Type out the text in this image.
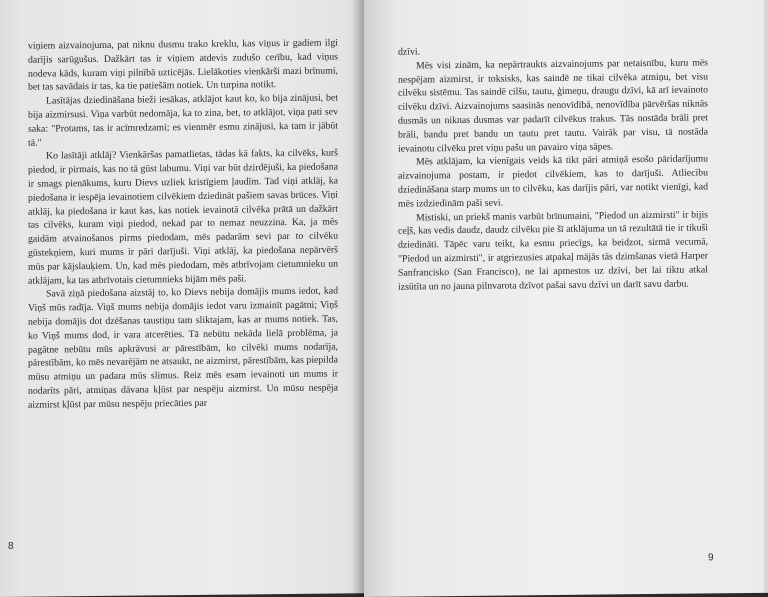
viņiem aizvainojuma, pat niknu dusmu trako kreklu, kas viņus ir gadiem ilgi darījis sarūgušus. Dažkārt tas ir viņiem atdevis zudušo cerību, kad viņus nodeva kāds, kuram viņi pilnībā uzticējās. Lielākoties vienkārši mazi brīnumi, bet tas savādais ir tas, ka tie patiešām notiek. Un turpina notikt.

Lasītājas dziedināšana bieži iesākas, atklājot kaut ko, ko bija zinājusi, bet bija aizmirsusi. Viņa varbūt nedomāja, ka to zina, bet, to atklājot, viņa pati sev saka: "Protams, tas ir acīmredzami; es vienmēr esmu zinājusi, ka tam ir jābūt tā."

Ko lasītāji atklāj? Vienkāršas pamatlietas, tādas kā fakts, ka cilvēks, kurš piedod, ir pirmais, kas no tā gūst labumu. Viņi var būt dzirdējuši, ka piedošana ir smags pienākums, kuru Dievs uzliek kristīgiem ļaudīm. Tad viņi atklāj, ka piedošana ir iespēja ievainotiem cilvēkiem dziedināt pašiem savas brūces. Viņi atklāj, ka piedošana ir kaut kas, kas notiek ievainotā cilvēka prātā un dažkārt tas cilvēks, kuram viņi piedod, nekad par to nemaz neuzzina. Ka, ja mēs gaidām atvainošanos pirms piedodam, mēs padarām sevi par to cilvēku gūstekņiem, kuri mums ir pāri darījuši. Viņi atklāj, ka piedošana nepārvērš mūs par kājslauķiem. Un, kad mēs piedodam, mēs atbrīvojam cietumnieku un atklājam, ka tas atbrīvotais cietumnieks bijām mēs paši.

Savā ziņā piedošana aizstāj to, ko Dievs nebija domājis mums iedot, kad Viņš mūs radīja. Viņš mums nebija domājis iedot varu izmainīt pagātni; Viņš nebija domājis dot dzēšanas taustiņu tam sliktajam, kas ar mums notiek. Tas, ko Viņš mums dod, ir vara atcerēties. Tā nebūtu nekāda lielā problēma, ja pagātne nebūtu mūs apkrāvusi ar pārestībām, ko cilvēki mums nodarīja, pārestībām, ko mēs nevarējām ne atsaukt, ne aizmirst, pārestībām, kas piepilda mūsu atmiņu un padara mūs slimus. Reiz mēs esam ievainoti un mums ir nodarīts pāri, atmiņas dāvana kļūst par nespēju aizmirst. Un mūsu nespēja aizmirst kļūst par mūsu nespēju priecāties par

8

dzīvi.

Mēs visi zinām, ka nepārtraukts aizvainojums par netaisnību, kuru mēs nespējam aizmirst, ir toksisks, kas saindē ne tikai cilvēka atmiņu, bet visu cilvēku sistēmu. Tas saindē cilšu, tautu, ģimeņu, draugu dzīvi, kā arī ievainoto cilvēku dzīvi. Aizvainojums saasinās nenovīdībā, nenovīdība pārvēršas niknās dusmās un niknas dusmas var padarīt cilvēkus trakus. Tās nostāda brāli pret brāli, bandu pret bandu un tautu pret tautu. Vairāk par visu, tā nostāda ievainotu cilvēku pret viņu pašu un pavairo viņa sāpes.

Mēs atklājam, ka vienīgais veids kā tikt pāri atmiņā esošo pāridarījumu aizvainojuma postam, ir piedot cilvēkiem, kas to darījuši. Atliecību dziedināšana starp mums un to cilvēku, kas darījis pāri, var notikt vienīgi, kad mēs izdziedinām paši sevi.

Mistiski, un priekš manis varbūt brīnumaini, "Piedod un aizmirsti" ir bijis ceļš, kas vedis daudz, daudz cilvēku pie šī atklājuma un tā rezultātā tie ir tikuši dziedināti. Tāpēc varu teikt, ka esmu priecīgs, ka beidzot, sirmā vecumā, "Piedod un aizmirsti", ir atgriezusies atpakaļ mājās tās dzimšanas vietā Harper Sanfrancisko (San Francisco), ne lai apmestos uz dzīvi, bet lai tiktu atkal izsūtīta un no jauna pilnvarota dzīvot pašai savu dzīvi un darīt savu darbu.

9
